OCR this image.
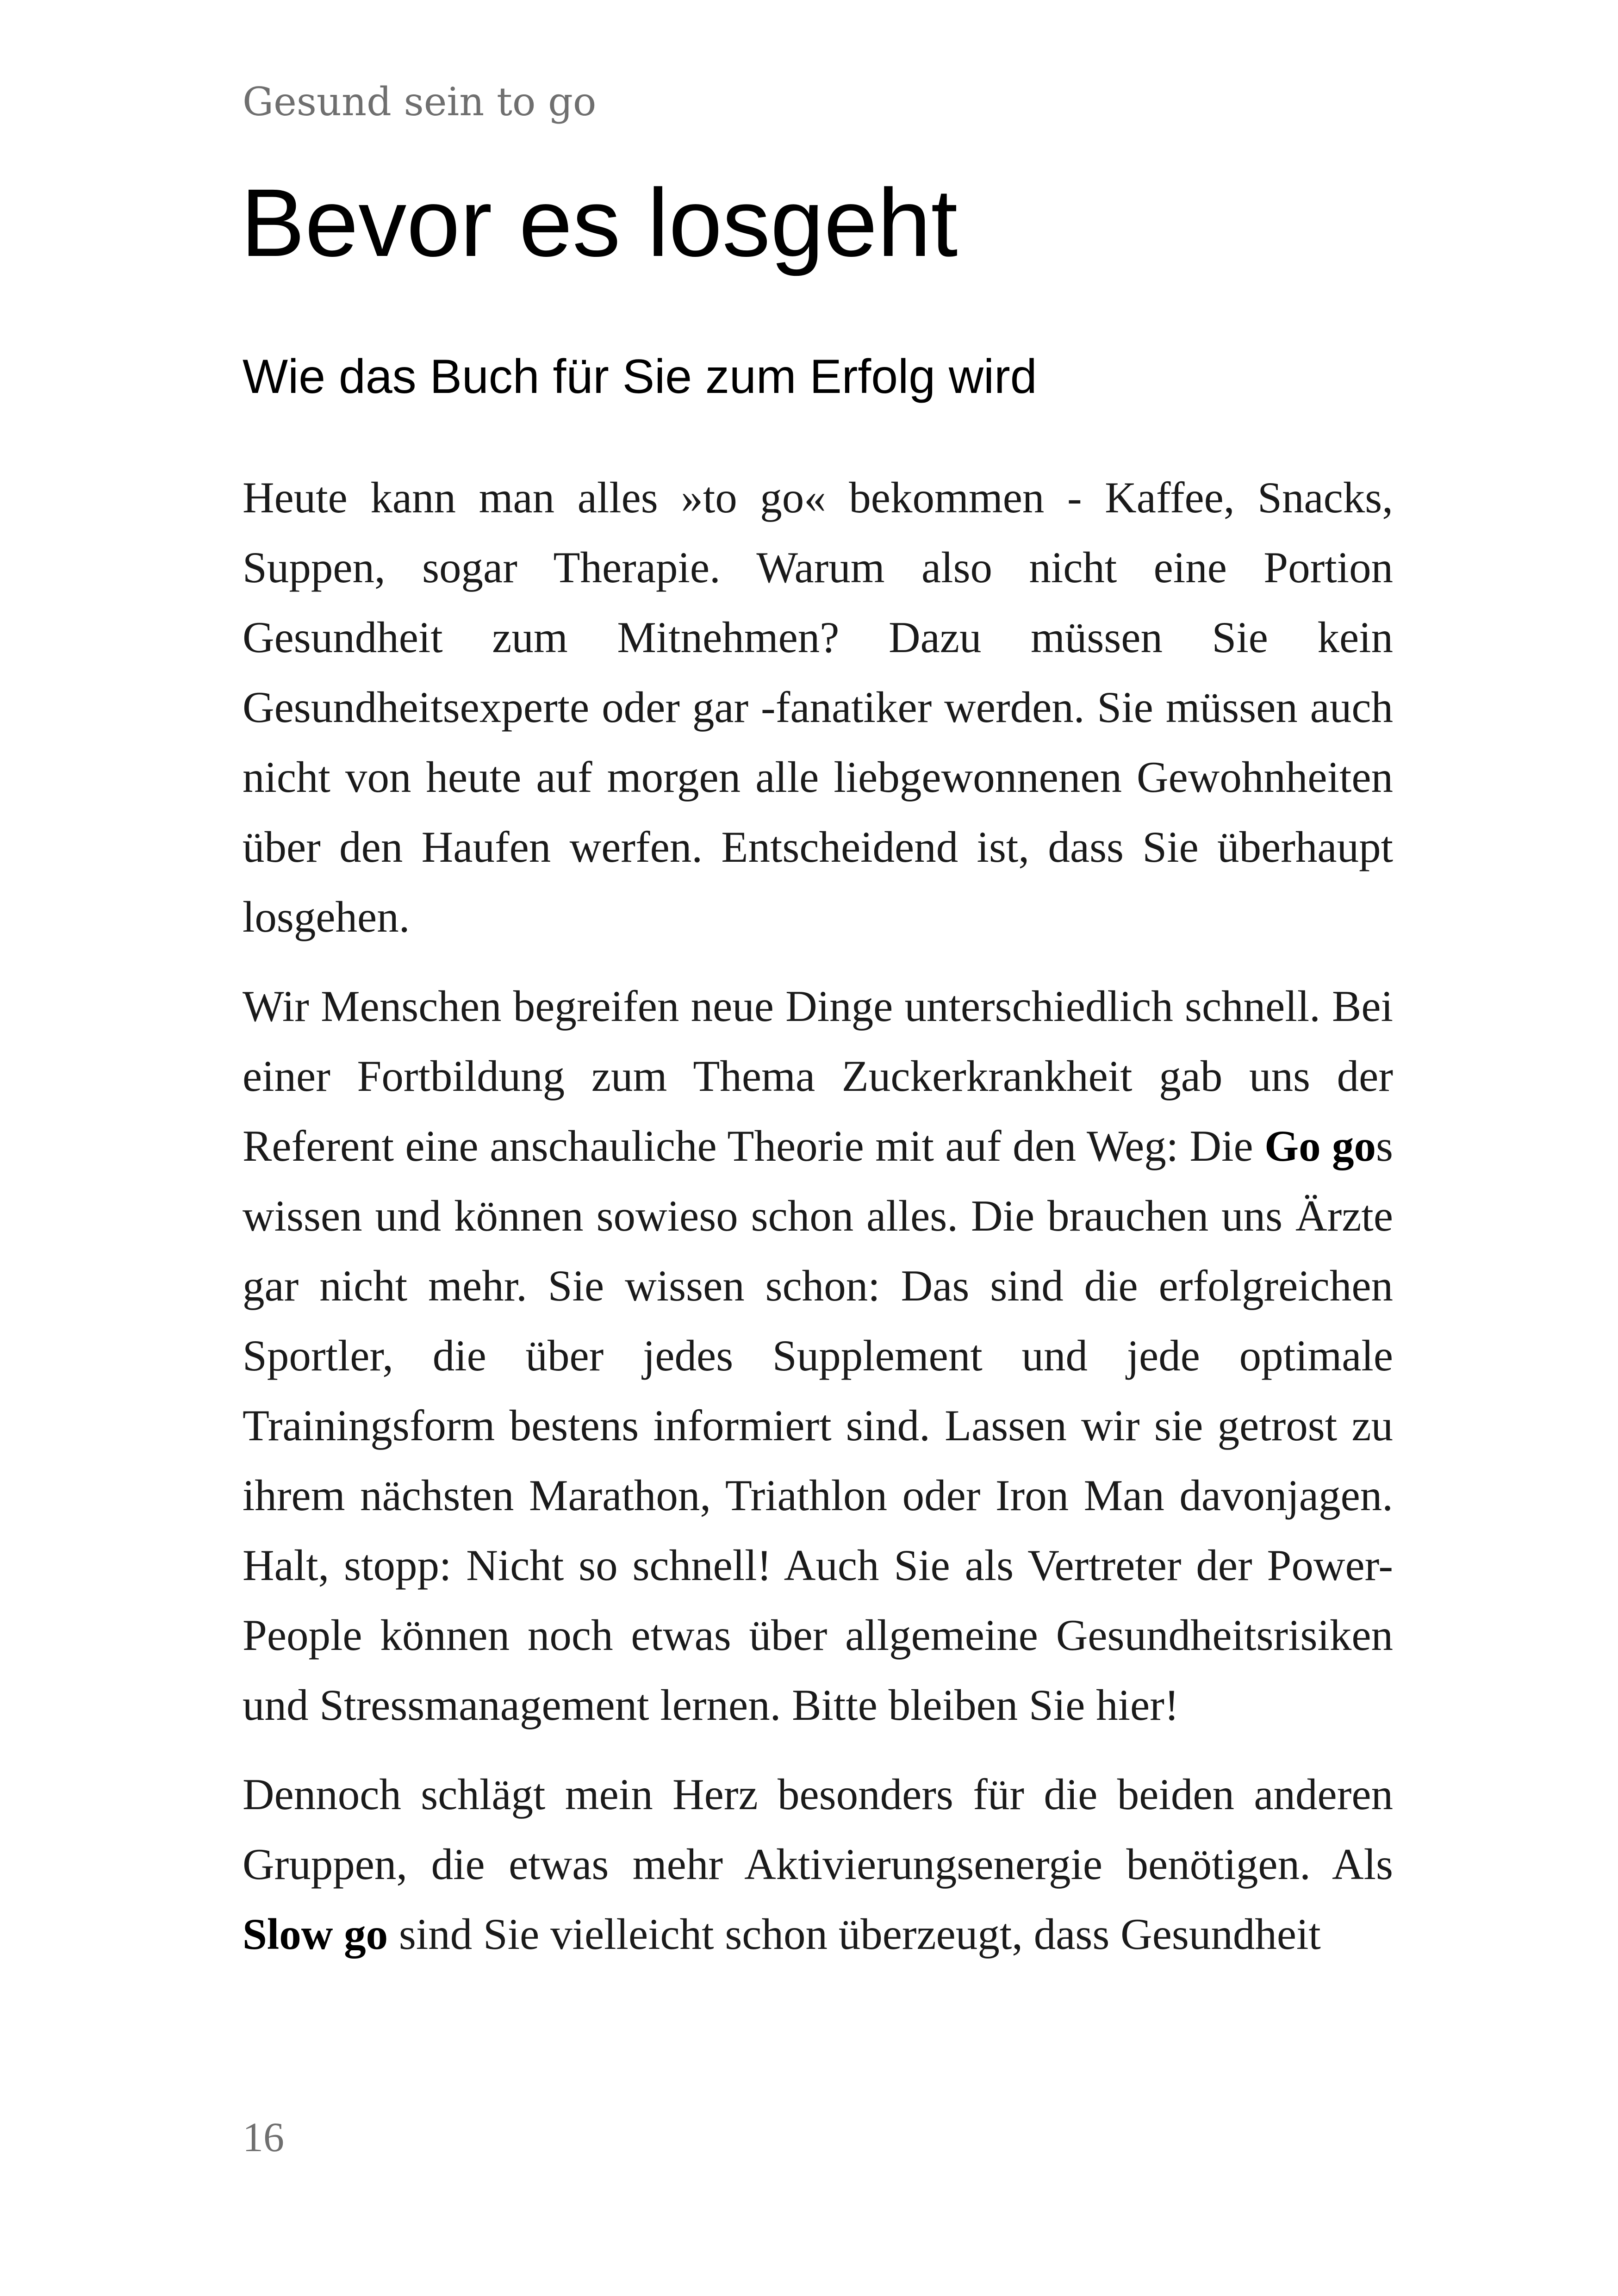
Gesund sein to go
Bevor es losgeht
Wie das Buch für Sie zum Erfolg wird

Heute kann man alles »to go« bekommen - Kaffee, Snacks, Suppen, sogar Therapie. Warum also nicht eine Portion Gesundheit zum Mitnehmen? Dazu müssen Sie kein Gesundheitsexperte oder gar -fanatiker werden. Sie müssen auch nicht von heute auf morgen alle liebgewonnenen Gewohnheiten über den Haufen werfen. Entscheidend ist, dass Sie überhaupt losgehen.

Wir Menschen begreifen neue Dinge unterschiedlich schnell. Bei einer Fortbildung zum Thema Zuckerkrankheit gab uns der Referent eine anschauliche Theorie mit auf den Weg: Die Go gos wissen und können sowieso schon alles. Die brauchen uns Ärzte gar nicht mehr. Sie wissen schon: Das sind die erfolgreichen Sportler, die über jedes Supplement und jede optimale Trainingsform bestens informiert sind. Lassen wir sie getrost zu ihrem nächsten Marathon, Triathlon oder Iron Man davonjagen. Halt, stopp: Nicht so schnell! Auch Sie als Vertreter der Power-People können noch etwas über allgemeine Gesundheitsrisiken und Stressmanagement lernen. Bitte bleiben Sie hier!

Dennoch schlägt mein Herz besonders für die beiden anderen Gruppen, die etwas mehr Aktivierungsenergie benötigen. Als Slow go sind Sie vielleicht schon überzeugt, dass Gesundheit

16
